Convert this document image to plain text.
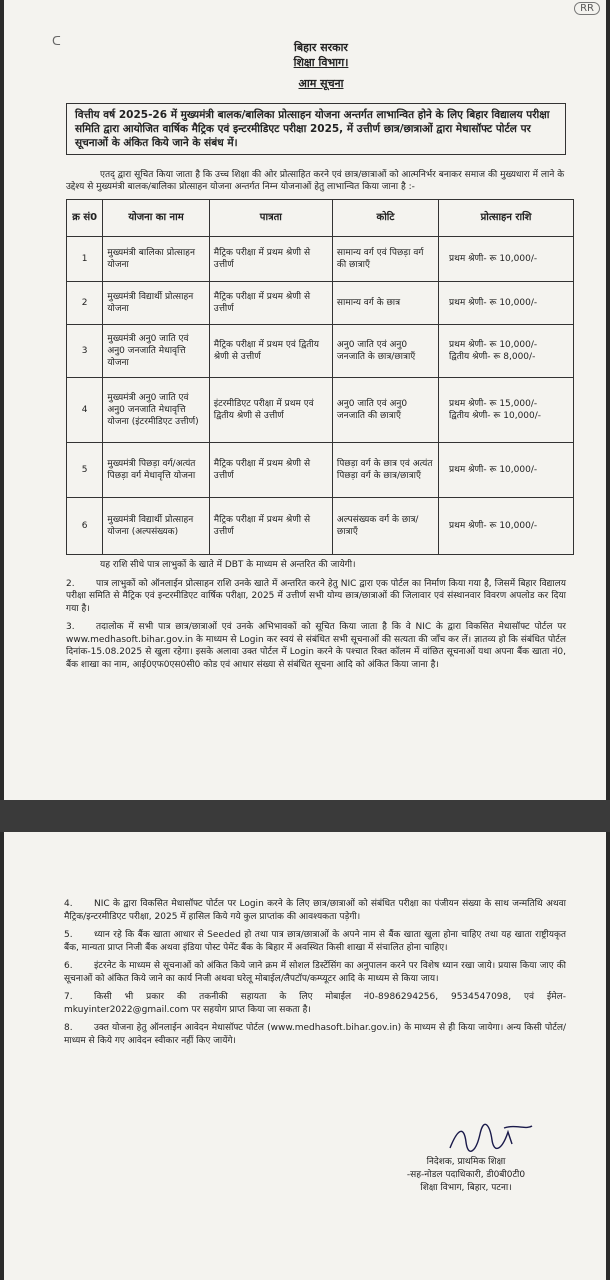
ᑕ
RR
बिहार सरकार
शिक्षा विभाग।
आम सूचना
वित्तीय वर्ष 2025-26 में मुख्यमंत्री बालक/बालिका प्रोत्साहन योजना अन्तर्गत लाभान्वित होने के लिए बिहार विद्यालय परीक्षा समिति द्वारा आयोजित वार्षिक मैट्रिक एवं इन्टरमीडिएट परीक्षा 2025, में उत्तीर्ण छात्र/छात्राओं द्वारा मेधासॉफ्ट पोर्टल पर सूचनाओं के अंकित किये जाने के संबंध में।
एतद् द्वारा सूचित किया जाता है कि उच्च शिक्षा की ओर प्रोत्साहित करने एवं छात्र/छात्राओं को आत्मनिर्भर बनाकर समाज की मुख्यधारा में लाने के उद्देश्य से मुख्यमंत्री बालक/बालिका प्रोत्साहन योजना अन्तर्गत निम्न योजनाओं हेतु लाभान्वित किया जाना है :-
क्र सं0	योजना का नाम	पात्रता	कोटि	प्रोत्साहन राशि
1	मुख्यमंत्री बालिका प्रोत्साहन योजना	मैट्रिक परीक्षा में प्रथम श्रेणी से उत्तीर्ण	सामान्य वर्ग एवं पिछड़ा वर्ग की छात्राएँ	प्रथम श्रेणी- रू 10,000/-

2	मुख्यमंत्री विद्यार्थी प्रोत्साहन योजना	मैट्रिक परीक्षा में प्रथम श्रेणी से उत्तीर्ण	सामान्य वर्ग के छात्र	प्रथम श्रेणी- रू 10,000/-

3	मुख्यमंत्री अनु0 जाति एवं अनु0 जनजाति मेधावृत्ति योजना	मैट्रिक परीक्षा में प्रथम एवं द्वितीय श्रेणी से उत्तीर्ण	अनु0 जाति एवं अनु0 जनजाति के छात्र/छात्राएँ	प्रथम श्रेणी- रू 10,000/-
द्वितीय श्रेणी- रू 8,000/-

4	मुख्यमंत्री अनु0 जाति एवं अनु0 जनजाति मेधावृत्ति योजना (इंटरमीडिएट उत्तीर्ण)	इंटरमीडिएट परीक्षा में प्रथम एवं द्वितीय श्रेणी से उत्तीर्ण	अनु0 जाति एवं अनु0 जनजाति की छात्राएँ	प्रथम श्रेणी- रू 15,000/-
द्वितीय श्रेणी- रू 10,000/-

5	मुख्यमंत्री पिछड़ा वर्ग/अत्यंत पिछड़ा वर्ग मेधावृत्ति योजना	मैट्रिक परीक्षा में प्रथम श्रेणी से उत्तीर्ण	पिछड़ा वर्ग के छात्र एवं अत्यंत पिछड़ा वर्ग के छात्र/छात्राएँ	प्रथम श्रेणी- रू 10,000/-

6	मुख्यमंत्री विद्यार्थी प्रोत्साहन योजना (अल्पसंख्यक)	मैट्रिक परीक्षा में प्रथम श्रेणी से उत्तीर्ण	अल्पसंख्यक वर्ग के छात्र/छात्राएँ	प्रथम श्रेणी- रू 10,000/-
यह राशि सीधे पात्र लाभुकों के खाते में DBT के माध्यम से अन्तरित की जायेगी।
2. पात्र लाभुकों को ऑनलाईन प्रोत्साहन राशि उनके खाते में अन्तरित करने हेतु NIC द्वारा एक पोर्टल का निर्माण किया गया है, जिसमें बिहार विद्यालय परीक्षा समिति से मैट्रिक एवं इन्टरमीडिएट वार्षिक परीक्षा, 2025 में उत्तीर्ण सभी योग्य छात्र/छात्राओं की जिलावार एवं संस्थानवार विवरण अपलोड कर दिया गया है।
3. तदालोक में सभी पात्र छात्र/छात्राओं एवं उनके अभिभावकों को सूचित किया जाता है कि वे NIC के द्वारा विकसित मेधासॉफ्ट पोर्टल पर www.medhasoft.bihar.gov.in के माध्यम से Login कर स्वयं से संबंधित सभी सूचनाओं की सत्यता की जाँच कर लें। ज्ञातव्य हो कि संबंधित पोर्टल दिनांक-15.08.2025 से खुला रहेगा। इसके अलावा उक्त पोर्टल में Login करने के पश्चात रिक्त कॉलम में वांछित सूचनाओं यथा अपना बैंक खाता नं0, बैंक शाखा का नाम, आई0एफ0एस0सी0 कोड एवं आधार संख्या से संबंधित सूचना आदि को अंकित किया जाना है।
4. NIC के द्वारा विकसित मेधासॉफ्ट पोर्टल पर Login करने के लिए छात्र/छात्राओं को संबंधित परीक्षा का पंजीयन संख्या के साथ जन्मतिथि अथवा मैट्रिक/इन्टरमीडिएट परीक्षा, 2025 में हासिल किये गये कुल प्राप्तांक की आवश्यकता पड़ेगी।
5. ध्यान रहे कि बैंक खाता आधार से Seeded हो तथा पात्र छात्र/छात्राओं के अपने नाम से बैंक खाता खुला होना चाहिए तथा यह खाता राष्ट्रीयकृत बैंक, मान्यता प्राप्त निजी बैंक अथवा इंडिया पोस्ट पेमेंट बैंक के बिहार में अवस्थित किसी शाखा में संचालित होना चाहिए।
6. इंटरनेट के माध्यम से सूचनाओं को अंकित किये जाने क्रम में सोशल डिस्टेंसिंग का अनुपालन करने पर विशेष ध्यान रखा जाये। प्रयास किया जाए की सूचनाओं को अंकित किये जाने का कार्य निजी अथवा घरेलू मोबाईल/लैपटॉप/कम्प्यूटर आदि के माध्यम से किया जाय।
7. किसी भी प्रकार की तकनीकी सहायता के लिए मोबाईल नं0-8986294256, 9534547098, एवं ईमेल-mkuyinter2022@gmail.com पर सहयोग प्राप्त किया जा सकता है।
8. उक्त योजना हेतु ऑनलाईन आवेदन मेधासॉफ्ट पोर्टल (www.medhasoft.bihar.gov.in) के माध्यम से ही किया जायेगा। अन्य किसी पोर्टल/माध्यम से किये गए आवेदन स्वीकार नहीं किए जायेंगे।
निदेशक, प्राथमिक शिक्षा
-सह-नोडल पदाधिकारी, डी0बी0टी0
शिक्षा विभाग, बिहार, पटना।
